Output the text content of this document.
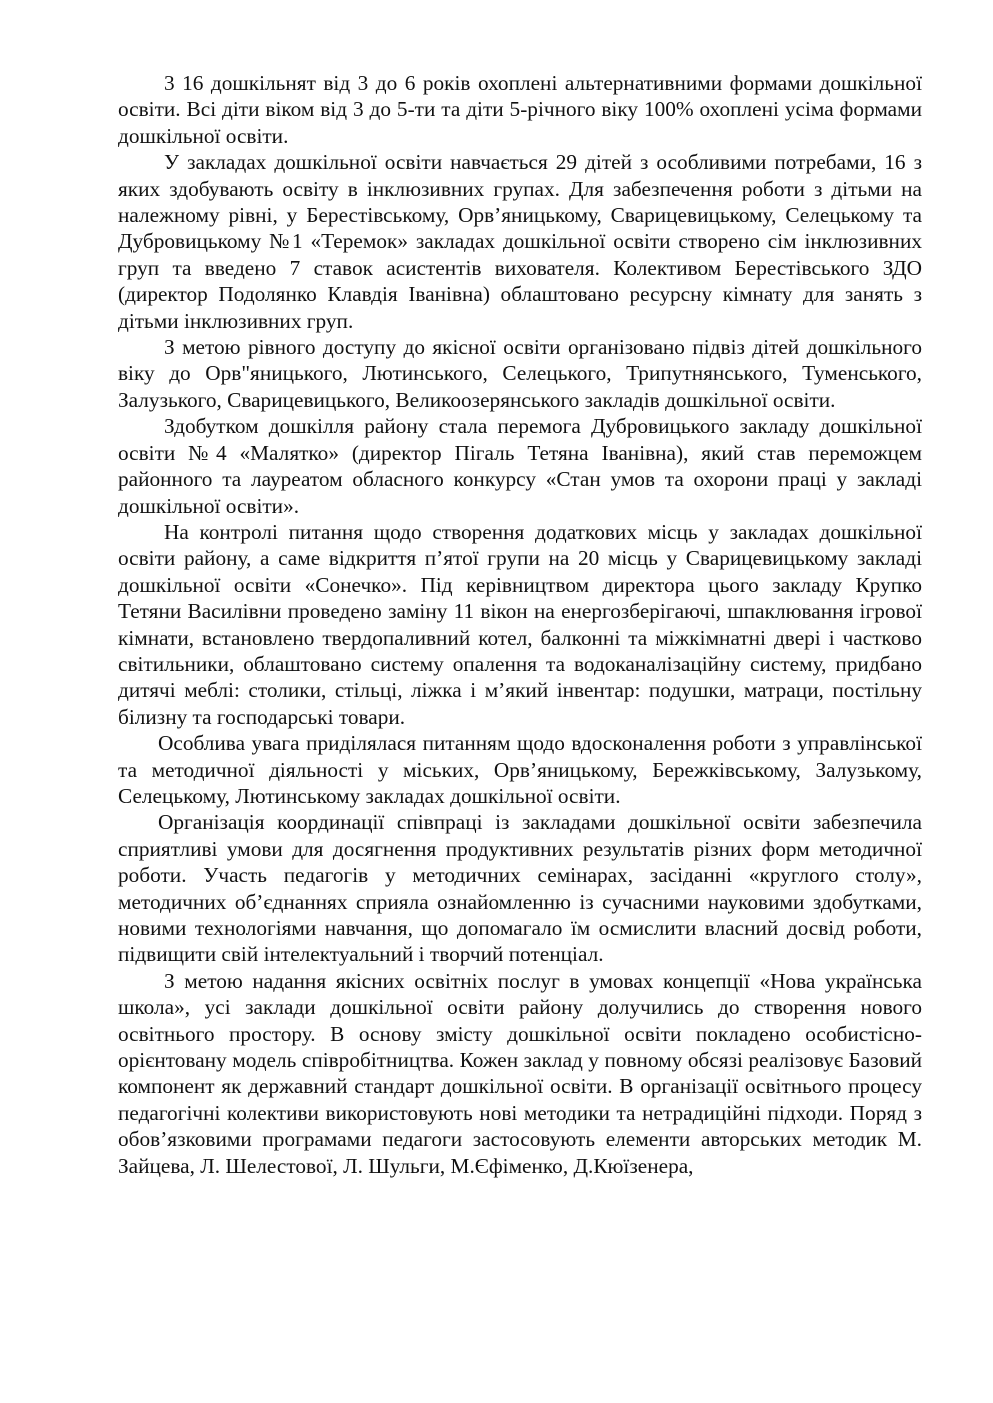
3 16 дошкільнят від 3 до 6 років охоплені альтернативними формами дошкільної освіти. Всі діти віком від 3 до 5-ти та діти 5-річного віку 100% охоплені усіма формами дошкільної освіти.

У закладах дошкільної освіти навчається 29 дітей з особливими потребами, 16 з яких здобувають освіту в інклюзивних групах. Для забезпечення роботи з дітьми на належному рівні, у Берестівському, Орв’яницькому, Сварицевицькому, Селецькому та Дубровицькому №1 «Теремок» закладах дошкільної освіти створено сім інклюзивних груп та введено 7 ставок асистентів вихователя. Колективом Берестівського ЗДО (директор Подолянко Клавдія Іванівна) облаштовано ресурсну кімнату для занять з дітьми інклюзивних груп.

З метою рівного доступу до якісної освіти організовано підвіз дітей дошкільного віку до Орв"яницького, Лютинського, Селецького, Трипутнянського, Туменського, Залузького, Сварицевицького, Великоозерянського закладів дошкільної освіти.

Здобутком дошкілля району стала перемога Дубровицького закладу дошкільної освіти №4 «Малятко» (директор Пігаль Тетяна Іванівна), який став переможцем районного та лауреатом обласного конкурсу «Стан умов та охорони праці у закладі дошкільної освіти».

На контролі питання щодо створення додаткових місць у закладах дошкільної освіти району, а саме відкриття п’ятої групи на 20 місць у Сварицевицькому закладі дошкільної освіти «Сонечко». Під керівництвом директора цього закладу Крупко Тетяни Василівни проведено заміну 11 вікон на енергозберігаючі, шпаклювання ігрової кімнати, встановлено твердопаливний котел, балконні та міжкімнатні двері і частково світильники, облаштовано систему опалення та водоканалізаційну систему, придбано дитячі меблі: столики, стільці, ліжка і м’який інвентар: подушки, матраци, постільну білизну та господарські товари.

Особлива увага приділялася питанням щодо вдосконалення роботи з управлінської та методичної діяльності у міських, Орв’яницькому, Бережківському, Залузькому, Селецькому, Лютинському закладах дошкільної освіти.

Організація координації співпраці із закладами дошкільної освіти забезпечила сприятливі умови для досягнення продуктивних результатів різних форм методичної роботи. Участь педагогів у методичних семінарах, засіданні «круглого столу», методичних об’єднаннях сприяла ознайомленню із сучасними науковими здобутками, новими технологіями навчання, що допомагало їм осмислити власний досвід роботи, підвищити свій інтелектуальний і творчий потенціал.

З метою надання якісних освітніх послуг в умовах концепції «Нова українська школа», усі заклади дошкільної освіти району долучились до створення нового освітнього простору. В основу змісту дошкільної освіти покладено особистісно-орієнтовану модель співробітництва. Кожен заклад у повному обсязі реалізовує Базовий компонент як державний стандарт дошкільної освіти. В організації освітнього процесу педагогічні колективи використовують нові методики та нетрадиційні підходи. Поряд з обов’язковими програмами педагоги застосовують елементи авторських методик М. Зайцева, Л. Шелестової, Л. Шульги, М.Єфіменко, Д.Кюїзенера,
